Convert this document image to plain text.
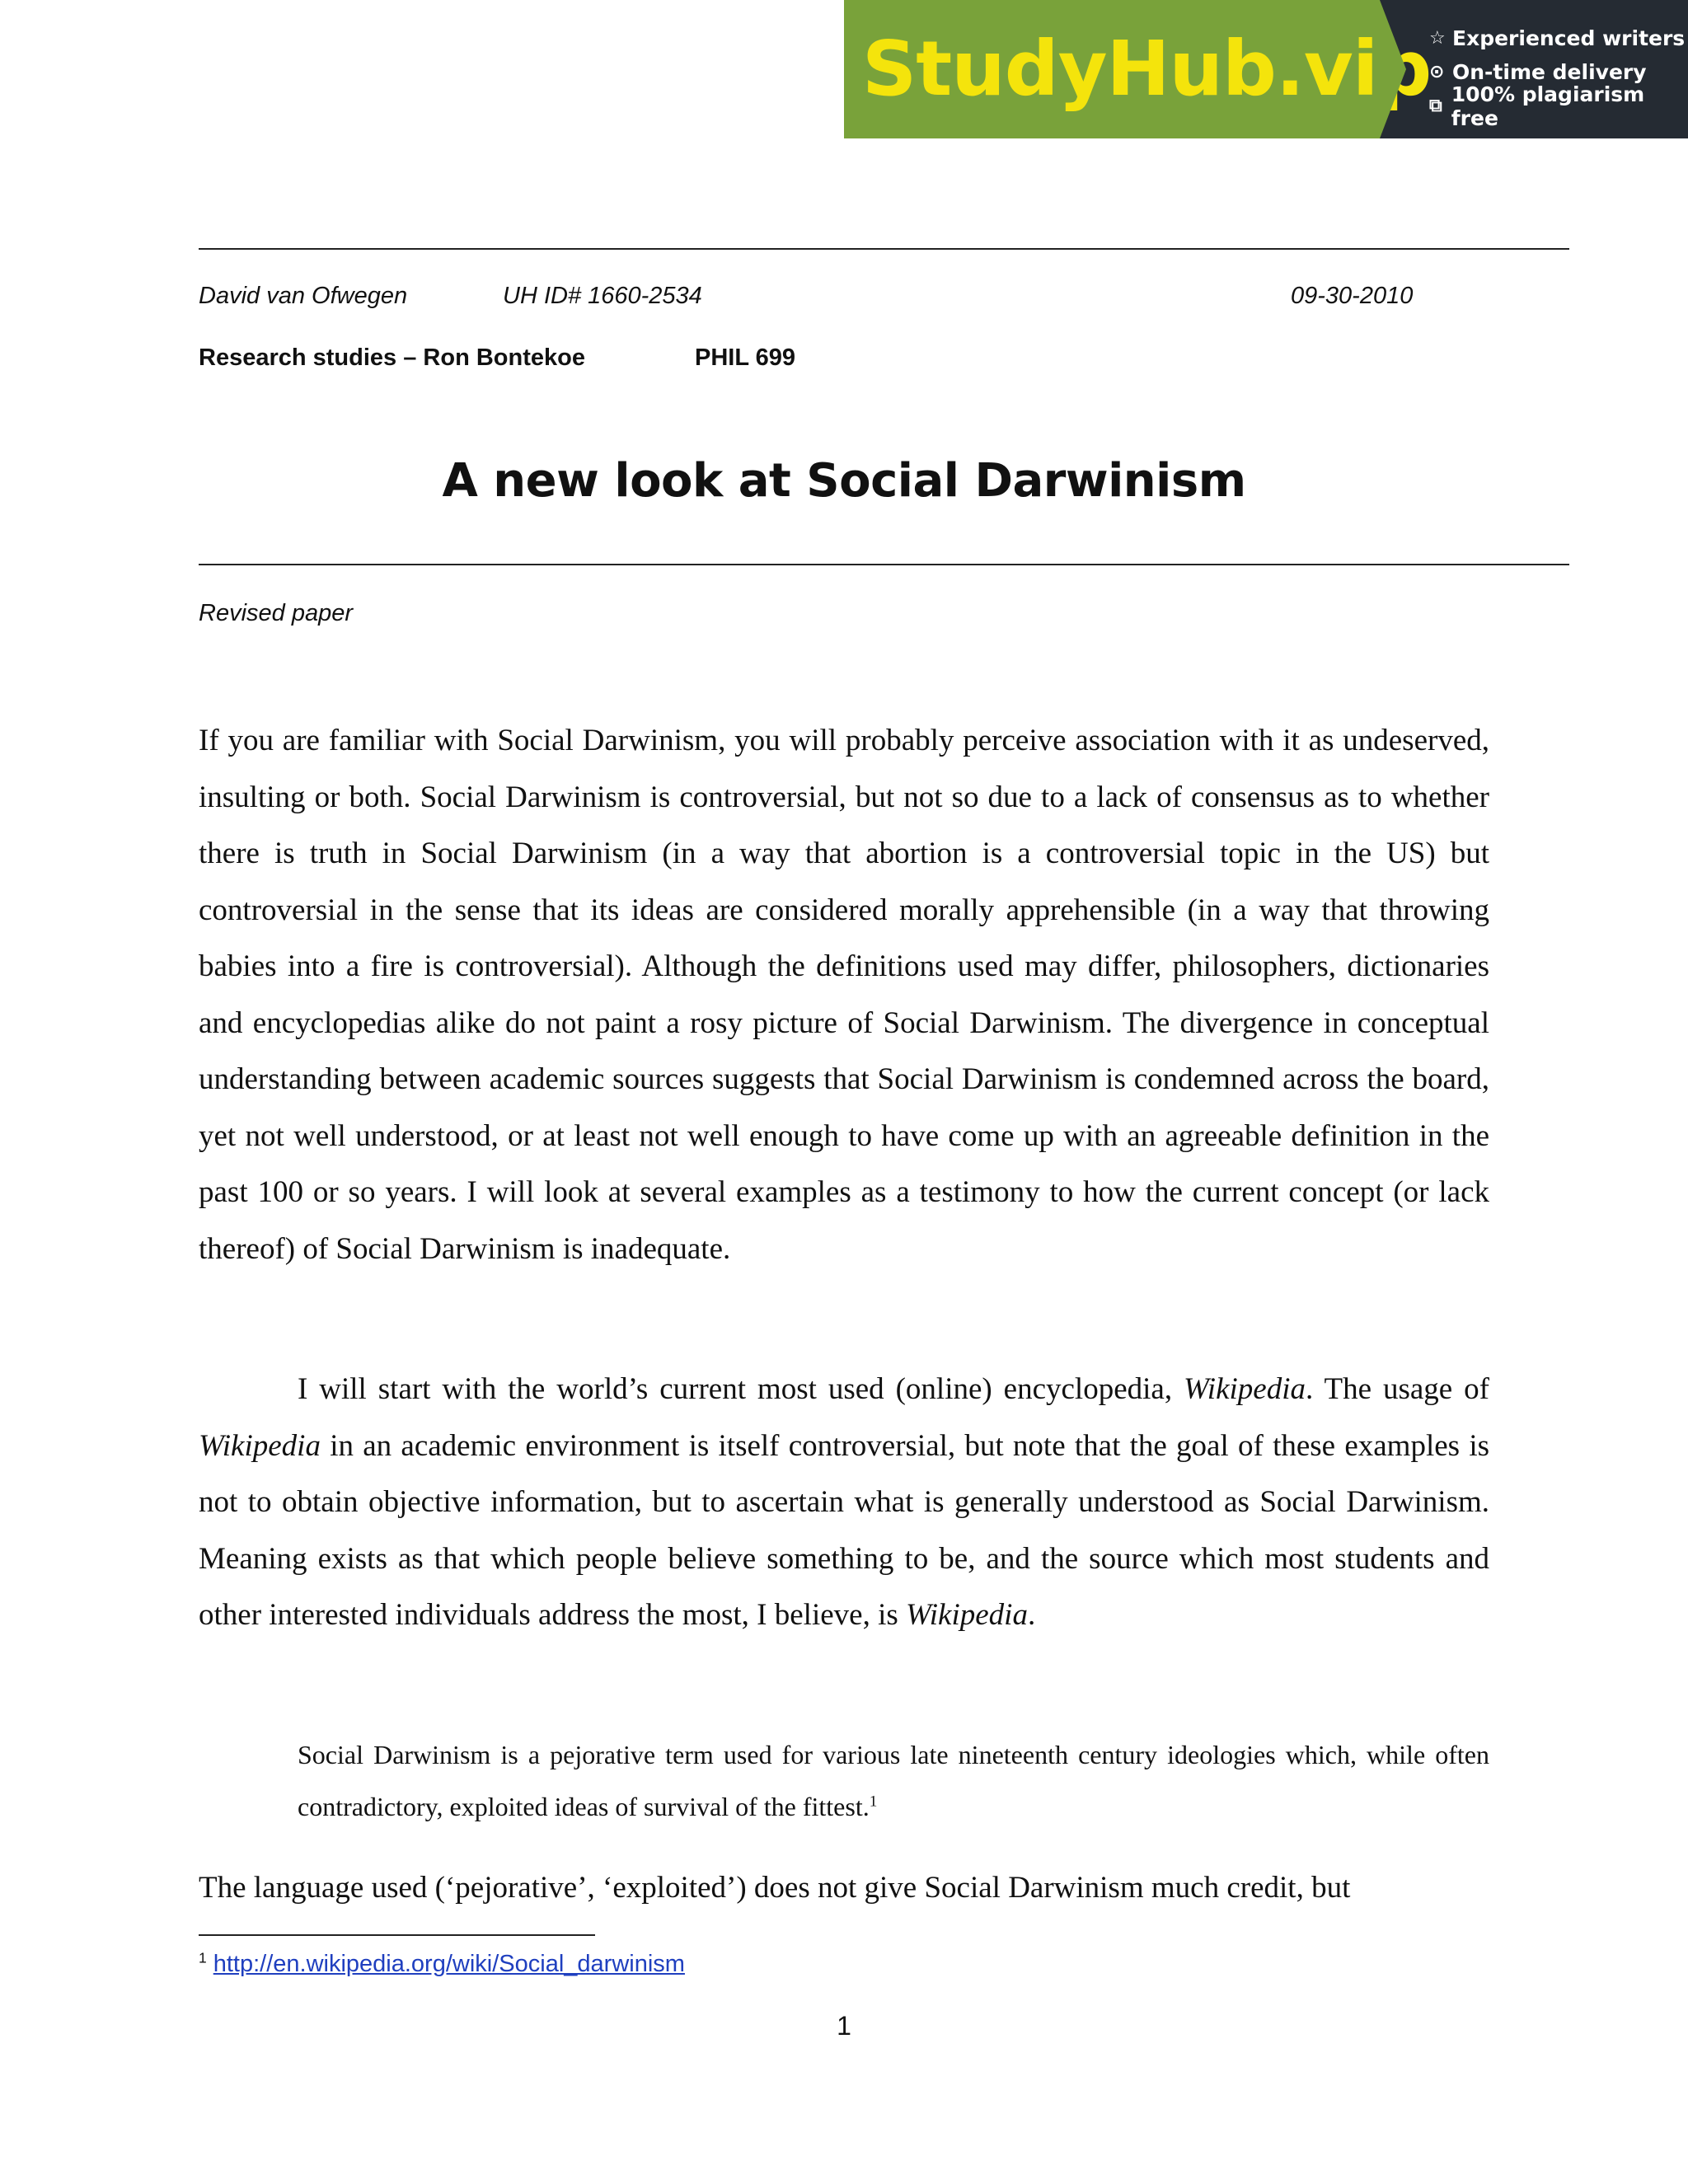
StudyHub.vip
☆ Experienced writers
⊙ On-time delivery
⧉ 100% plagiarism free
David van Ofwegen	UH ID# 1660-2534	09-30-2010
Research studies – Ron Bontekoe	PHIL 699
A new look at Social Darwinism
Revised paper

If you are familiar with Social Darwinism, you will probably perceive association with it as undeserved, insulting or both. Social Darwinism is controversial, but not so due to a lack of consensus as to whether there is truth in Social Darwinism (in a way that abortion is a controversial topic in the US) but controversial in the sense that its ideas are considered morally apprehensible (in a way that throwing babies into a fire is controversial). Although the definitions used may differ, philosophers, dictionaries and encyclopedias alike do not paint a rosy picture of Social Darwinism. The divergence in conceptual understanding between academic sources suggests that Social Darwinism is condemned across the board, yet not well understood, or at least not well enough to have come up with an agreeable definition in the past 100 or so years. I will look at several examples as a testimony to how the current concept (or lack thereof) of Social Darwinism is inadequate.

I will start with the world’s current most used (online) encyclopedia, Wikipedia. The usage of Wikipedia in an academic environment is itself controversial, but note that the goal of these examples is not to obtain objective information, but to ascertain what is generally understood as Social Darwinism. Meaning exists as that which people believe something to be, and the source which most students and other interested individuals address the most, I believe, is Wikipedia.

Social Darwinism is a pejorative term used for various late nineteenth century ideologies which, while often contradictory, exploited ideas of survival of the fittest.$^1$

The language used (‘pejorative’, ‘exploited’) does not give Social Darwinism much credit, but

$^1$ http://en.wikipedia.org/wiki/Social_darwinism
1
